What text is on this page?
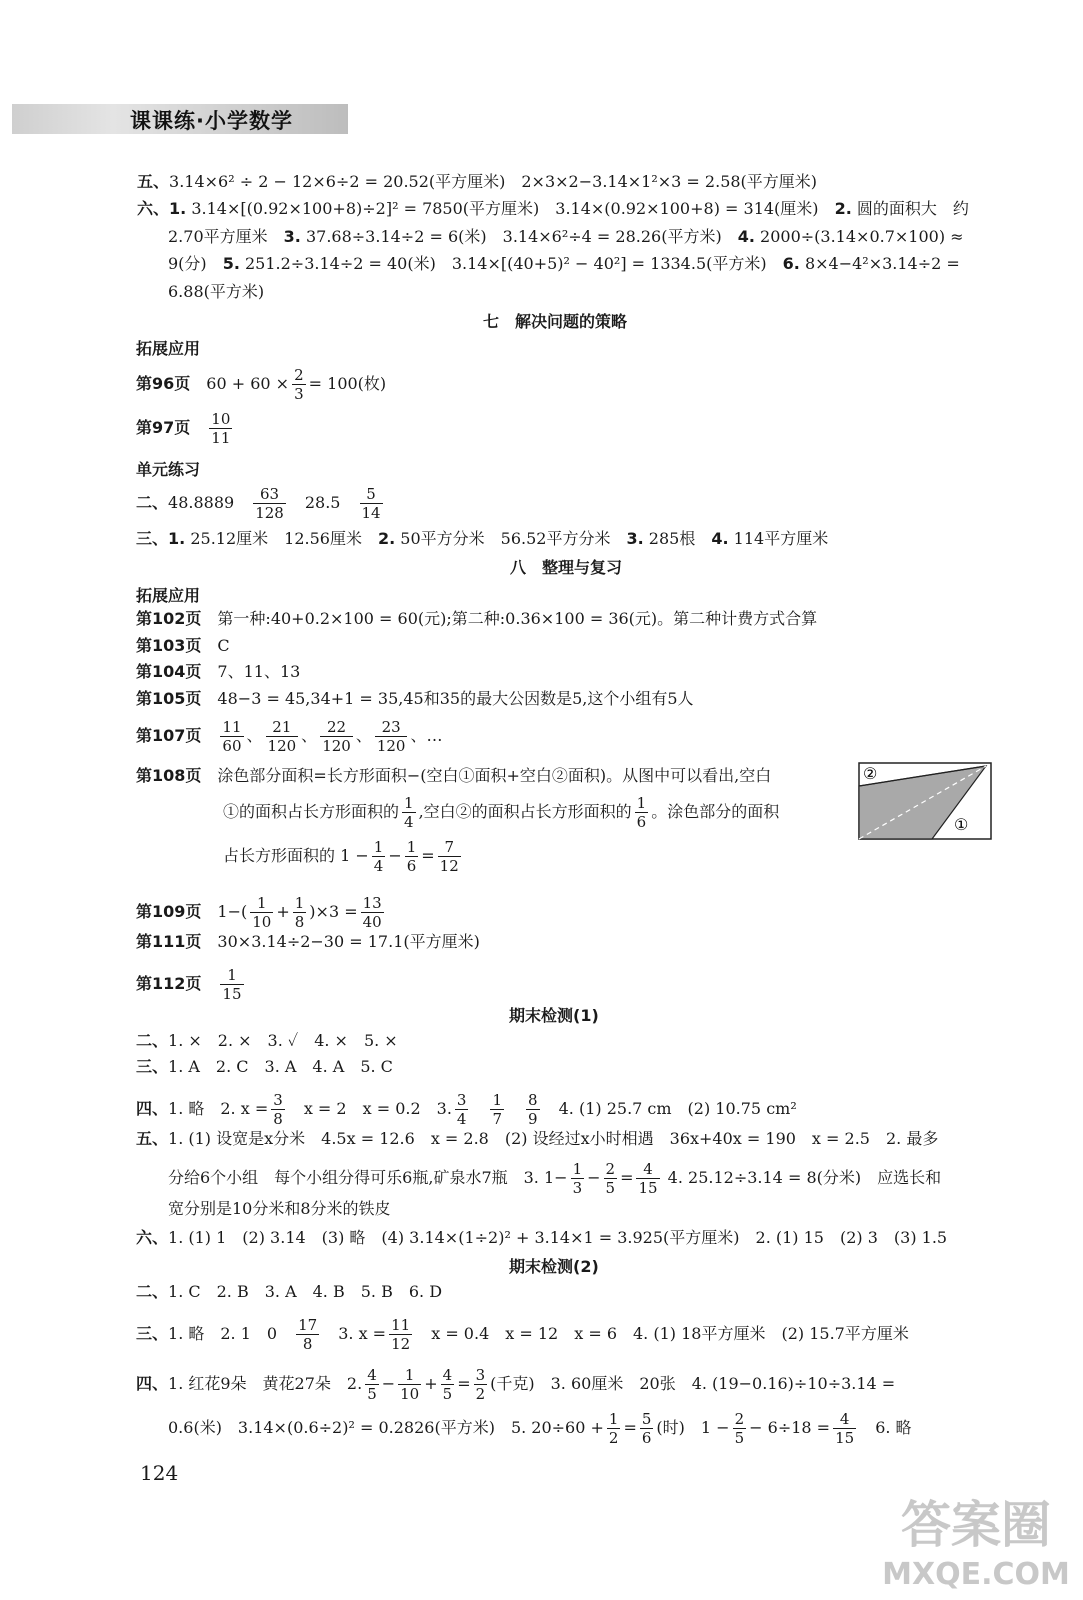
课课练·小学数学
五、3.14×6² ÷ 2 − 12×6÷2 = 20.52(平方厘米)　2×3×2−3.14×1²×3 = 2.58(平方厘米)
六、1. 3.14×[(0.92×100+8)÷2]² = 7850(平方厘米)　3.14×(0.92×100+8) = 314(厘米)　 2. 圆的面积大　约
2.70平方厘米　 3. 37.68÷3.14÷2 = 6(米)　3.14×6²÷4 = 28.26(平方米)　 4. 2000÷(3.14×0.7×100) ≈
9(分)　 5. 251.2÷3.14÷2 = 40(米)　3.14×[(40+5)² − 40²] = 1334.5(平方米)　 6. 8×4−4²×3.14÷2 =
6.88(平方米)
七　解决问题的策略
拓展应用
第96页　 $60 + 60 \times \frac{2}{3} = 100$(枚)
第97页　 $\frac{10}{11}$
单元练习
二、48.8889　 $\frac{63}{128}$
　 28.5　 $\frac{5}{14}$
三、1. 25.12厘米　12.56厘米　 2. 50平方分米　56.52平方分米　 3. 285根　 4. 114平方厘米
八　整理与复习
拓展应用
第102页　 第一种:40+0.2×100 = 60(元);第二种:0.36×100 = 36(元)。第二种计费方式合算
第103页　 C
第104页　 7、11、13
第105页　 48−3 = 45,34+1 = 35,45和35的最大公因数是5,这个小组有5人
第107页　 $\frac{11}{60}$ 、 $\frac{21}{120}$ 、 $\frac{22}{120}$ 、 $\frac{23}{120}$ 、…
第108页　 涂色部分面积=长方形面积−(空白①面积+空白②面积)。从图中可以看出,空白
①的面积占长方形面积的 $\frac{1}{4}$ ,空白②的面积占长方形面积的 $\frac{1}{6}$ 。涂色部分的面积
占长方形面积的 $1 - \frac{1}{4} - \frac{1}{6} = \frac{7}{12}$
②
①
第109页　 $1-( \frac{1}{10} + \frac{1}{8} )\times 3 = \frac{13}{40}$
第111页　 30×3.14÷2−30 = 17.1(平方厘米)
第112页　 $\frac{1}{15}$
期末检测(1)
二、1. ×　2. ×　3. ✓　4. ×　5. ×
三、1. A　2. C　3. A　4. A　5. C
四、1. 略　2. $x = \frac{3}{8}$
　 x = 2　x = 0.2　3. $\frac{3}{4}$
　 $\frac{1}{7}$
　 $\frac{8}{9}$
　 4. (1) 25.7 cm　(2) 10.75 cm²
五、1. (1) 设宽是x分米　4.5x = 12.6　x = 2.8　(2) 设经过x小时相遇　36x+40x = 190　x = 2.5　2. 最多
分给6个小组　每个小组分得可乐6瓶,矿泉水7瓶　3. $1- \frac{1}{3} - \frac{2}{5} = \frac{4}{15} 4$. 25.12÷3.14 = 8(分米)　应选长和
宽分别是10分米和8分米的铁皮
六、1. (1) 1　(2) 3.14　(3) 略　(4) 3.14×(1÷2)² + 3.14×1 = 3.925(平方厘米)　2. (1) 15　(2) 3　(3) 1.5
期末检测(2)
二、1. C　2. B　3. A　4. B　5. B　6. D
三、1. 略　2. 1　0　 $\frac{17}{8}$
　 3. $x = \frac{11}{12}$
　 x = 0.4　x = 12　x = 6　4. (1) 18平方厘米　(2) 15.7平方厘米
四、1. 红花9朵　黄花27朵　2. $\frac{4}{5} - \frac{1}{10} + \frac{4}{5} = \frac{3}{2}$ (千克)　3. 60厘米　20张　4. (19−0.16)÷10÷3.14 =
0.6(米)　3.14×(0.6÷2)² = 0.2826(平方米)　5. $20\div 60 + \frac{1}{2} = \frac{5}{6}$ (时)　$1 - \frac{2}{5} - 6\div 18 = \frac{4}{15}$
　 6. 略
124
答案圈
MXQE.COM
